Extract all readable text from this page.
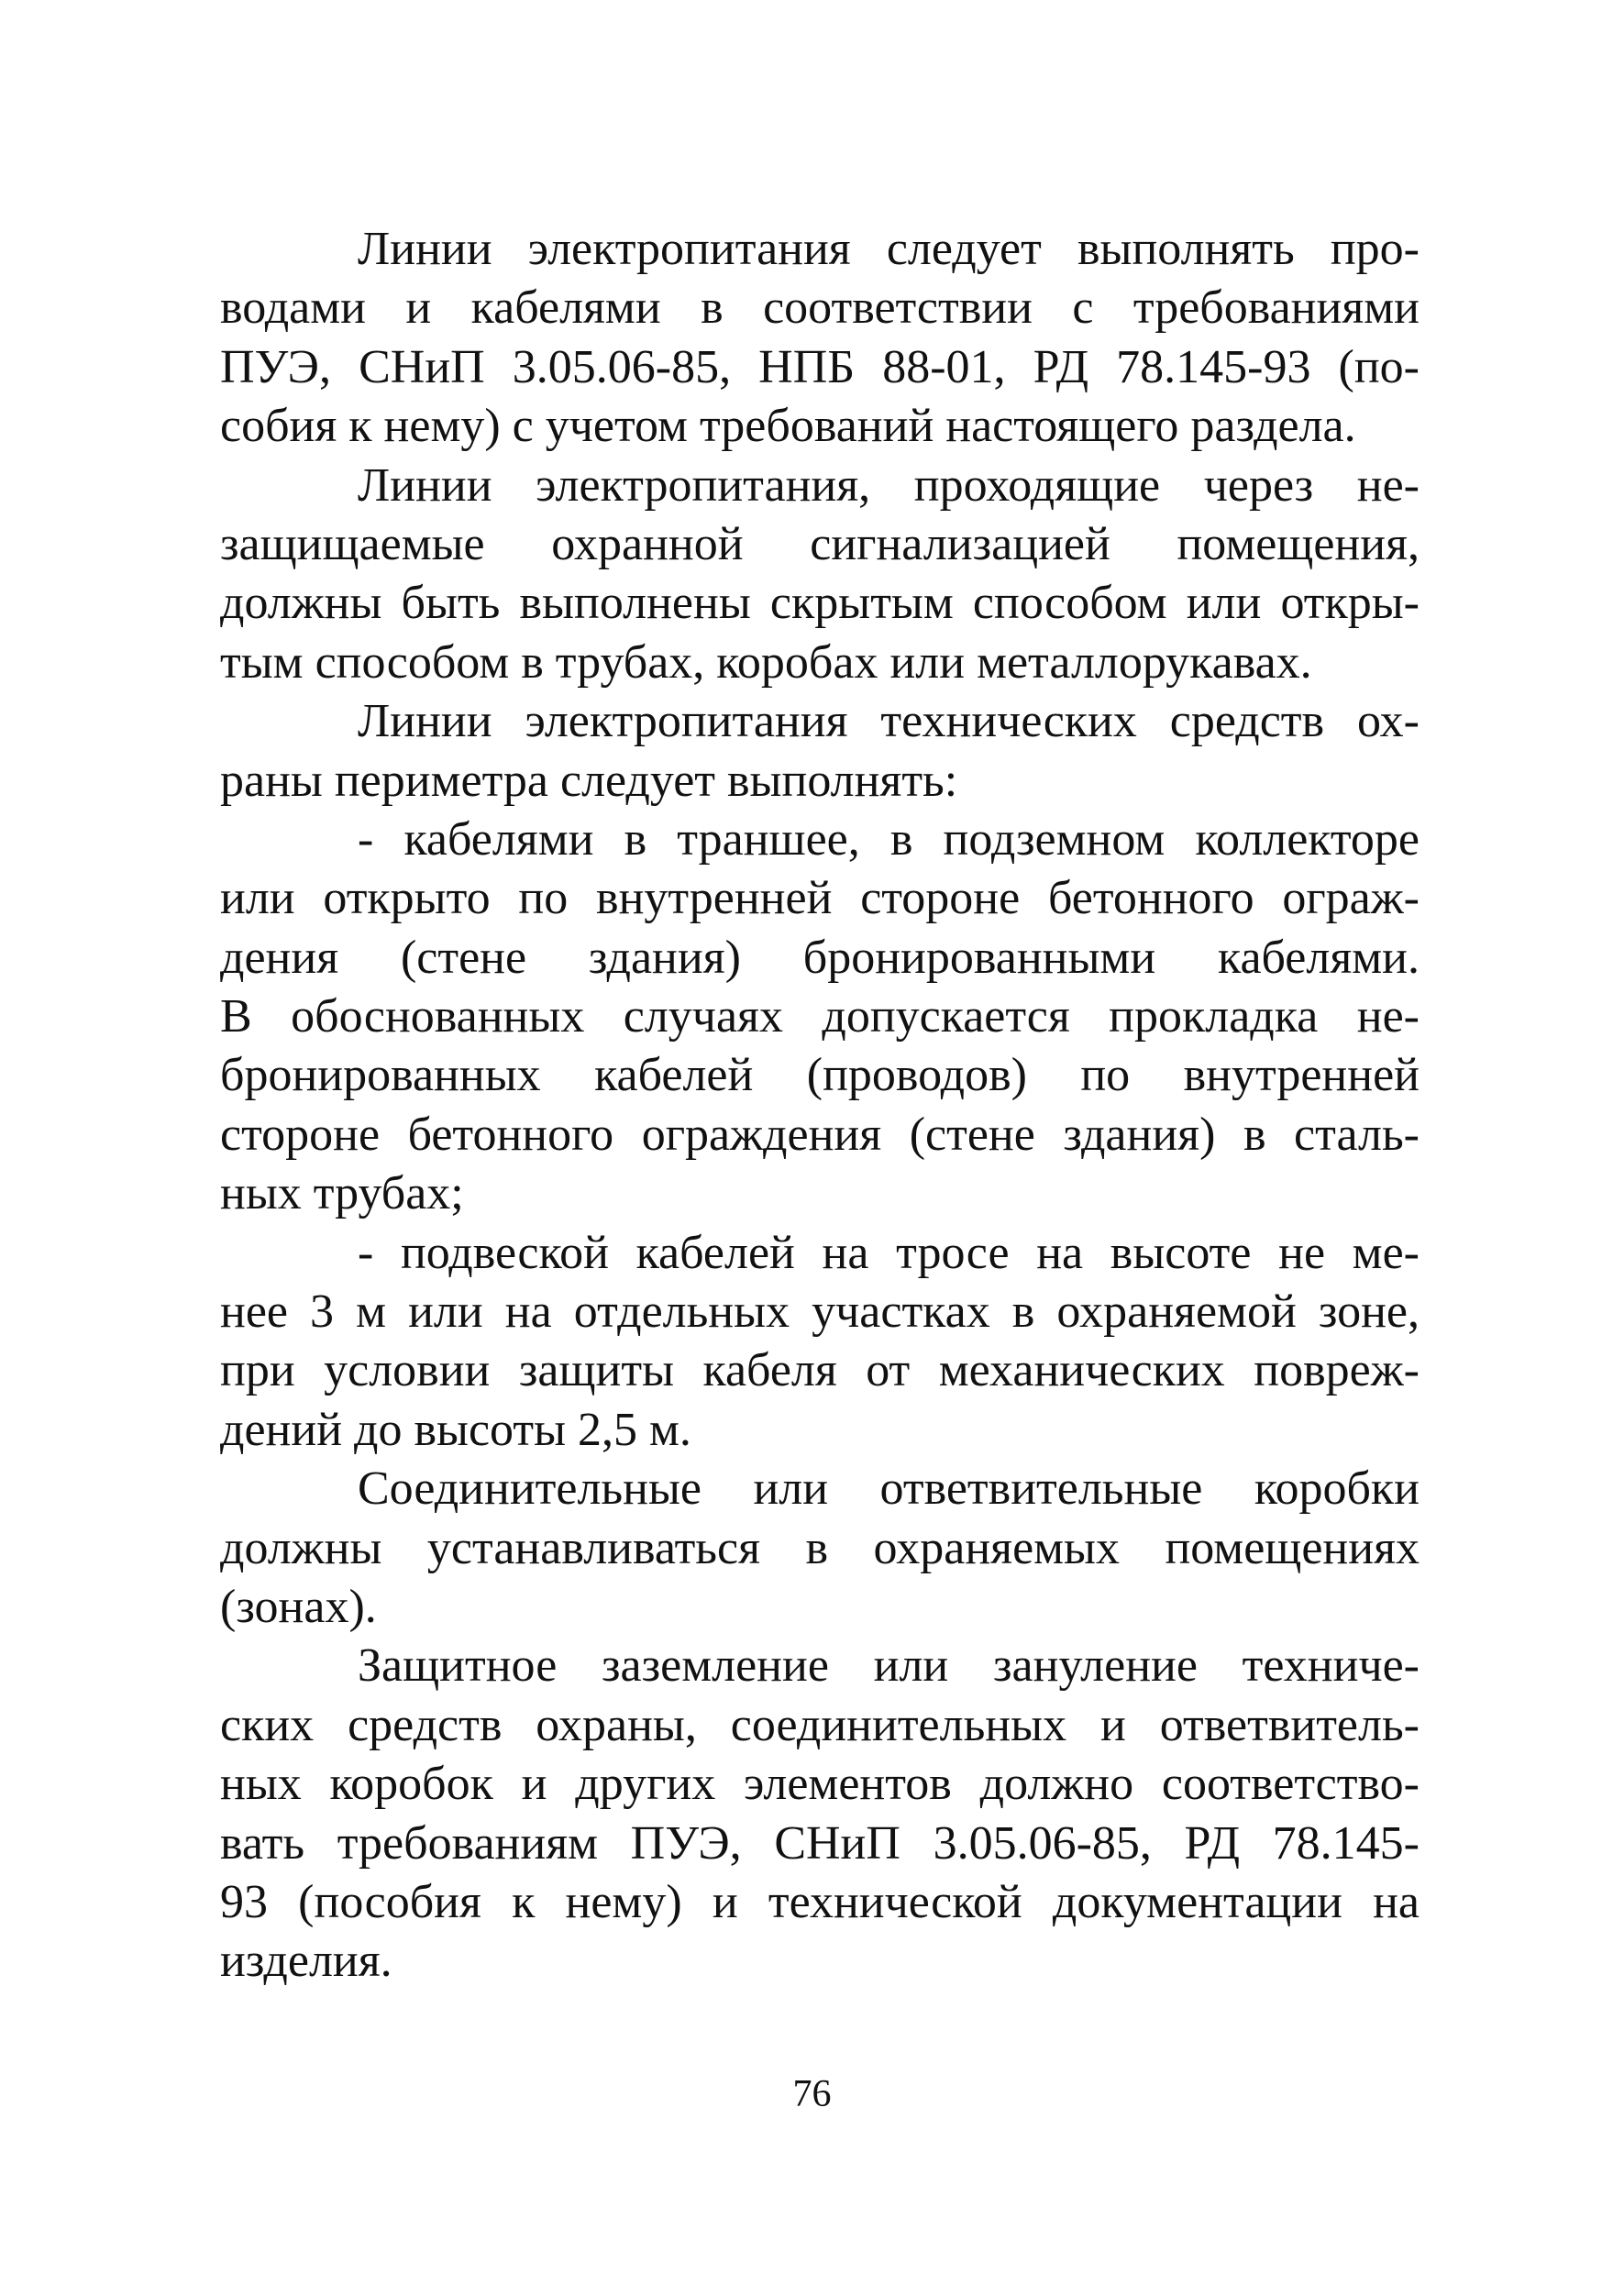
Линии электропитания следует выполнять про-
водами и кабелями в соответствии с требованиями
ПУЭ, СНиП 3.05.06-85, НПБ 88-01, РД 78.145-93 (по-
собия к нему) с учетом требований настоящего раздела.
Линии электропитания, проходящие через не-
защищаемые охранной сигнализацией помещения,
должны быть выполнены скрытым способом или откры-
тым способом в трубах, коробах или металлорукавах.
Линии электропитания технических средств ох-
раны периметра следует выполнять:
- кабелями в траншее, в подземном коллекторе
или открыто по внутренней стороне бетонного ограж-
дения (стене здания) бронированными кабелями.
В обоснованных случаях допускается прокладка не-
бронированных кабелей (проводов) по внутренней
стороне бетонного ограждения (стене здания) в сталь-
ных трубах;
- подвеской кабелей на тросе на высоте не ме-
нее 3 м или на отдельных участках в охраняемой зоне,
при условии защиты кабеля от механических повреж-
дений до высоты 2,5 м.
Соединительные или ответвительные коробки
должны устанавливаться в охраняемых помещениях
(зонах).
Защитное заземление или зануление техниче-
ских средств охраны, соединительных и ответвитель-
ных коробок и других элементов должно соответство-
вать требованиям ПУЭ, СНиП 3.05.06-85, РД 78.145-
93 (пособия к нему) и технической документации на
изделия.
76
